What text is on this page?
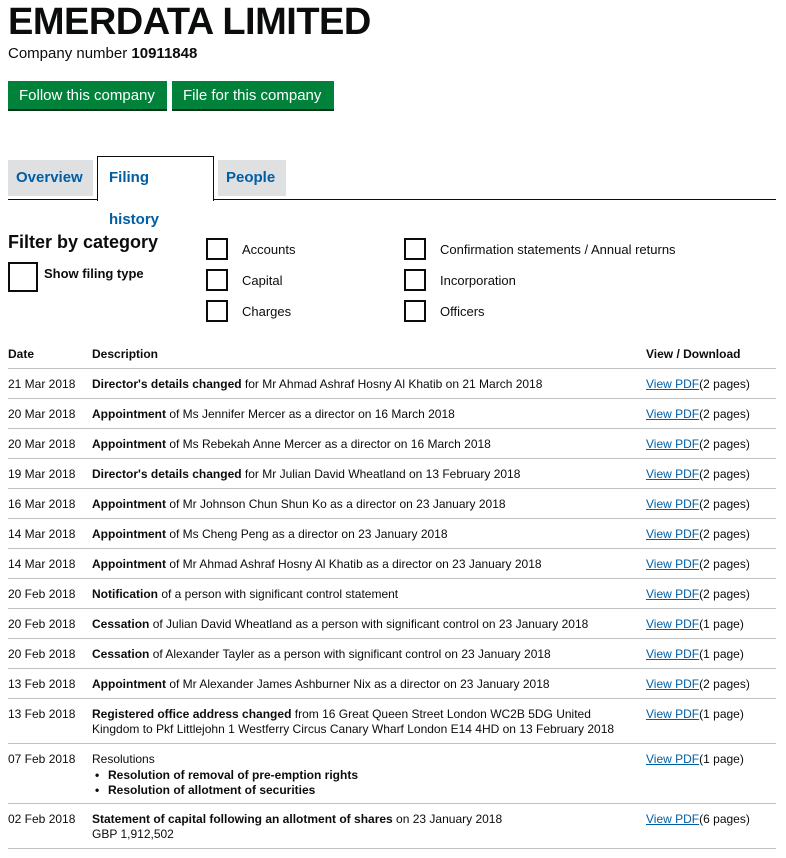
EMERDATA LIMITED
Company number 10911848
Follow this company	File for this company
Overview	Filing history
People
Filter by category
Show filing type
Accounts
Capital
Charges
Confirmation statements / Annual returns
Incorporation
Officers
Date	Description	View / Download
21 Mar 2018 Director's details changed for Mr Ahmad Ashraf Hosny Al Khatib on 21 March 2018	View PDF(2 pages)
20 Mar 2018 Appointment of Ms Jennifer Mercer as a director on 16 March 2018	View PDF(2 pages)
20 Mar 2018 Appointment of Ms Rebekah Anne Mercer as a director on 16 March 2018	View PDF(2 pages)
19 Mar 2018 Director's details changed for Mr Julian David Wheatland on 13 February 2018	View PDF(2 pages)
16 Mar 2018 Appointment of Mr Johnson Chun Shun Ko as a director on 23 January 2018	View PDF(2 pages)
14 Mar 2018 Appointment of Ms Cheng Peng as a director on 23 January 2018	View PDF(2 pages)
14 Mar 2018 Appointment of Mr Ahmad Ashraf Hosny Al Khatib as a director on 23 January 2018	View PDF(2 pages)
20 Feb 2018 Notification of a person with significant control statement	View PDF(2 pages)
20 Feb 2018 Cessation of Julian David Wheatland as a person with significant control on 23 January 2018	View PDF(1 page)
20 Feb 2018 Cessation of Alexander Tayler as a person with significant control on 23 January 2018	View PDF(1 page)
13 Feb 2018 Appointment of Mr Alexander James Ashburner Nix as a director on 23 January 2018	View PDF(2 pages)
13 Feb 2018 Registered office address changed from 16 Great Queen Street London WC2B 5DG United Kingdom to Pkf Littlejohn 1 Westferry Circus Canary Wharf London E14 4HD on 13 February 2018
View PDF(1 page)
07 Feb 2018 Resolutions
• Resolution of removal of pre-emption rights
• Resolution of allotment of securities
View PDF(1 page)
02 Feb 2018 Statement of capital following an allotment of shares on 23 January 2018
GBP 1,912,502
View PDF(6 pages)
